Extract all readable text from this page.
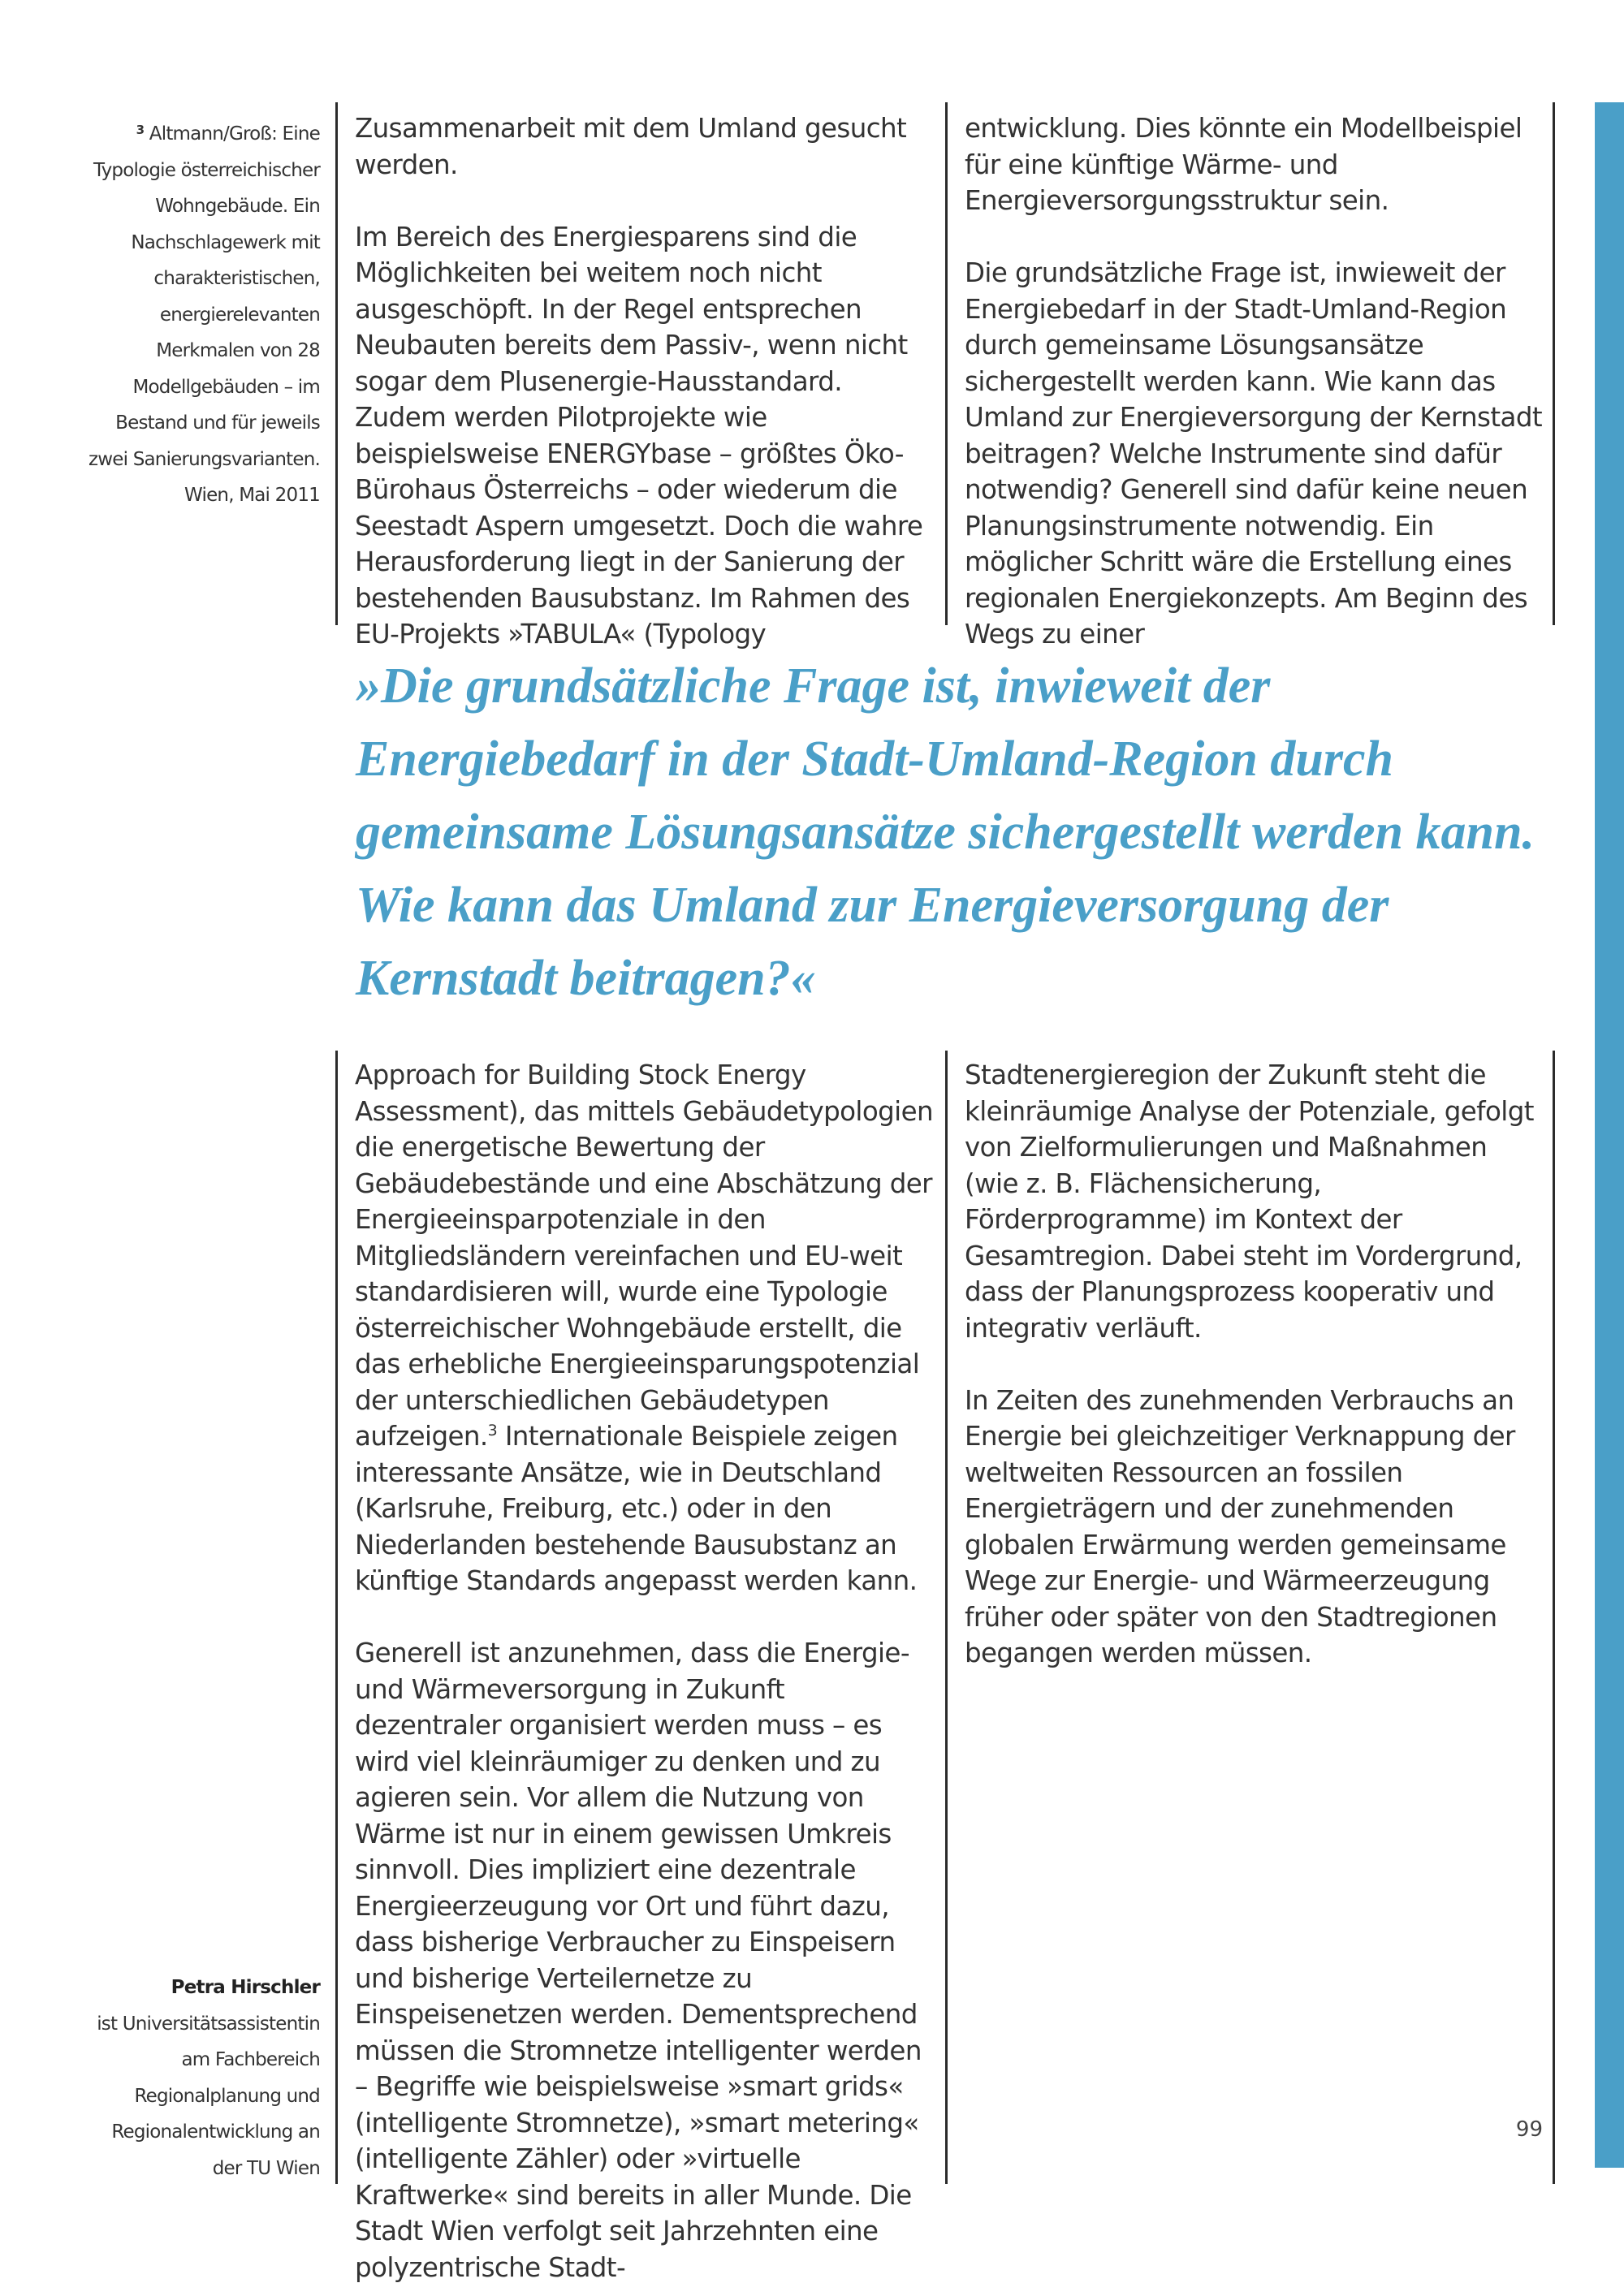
$^3$ Altmann/Groß: Eine Typologie österreichischer Wohngebäude. Ein Nachschlagewerk mit charakteristischen, energierelevanten Merkmalen von 28 Modellgebäuden – im Bestand und für jeweils zwei Sanierungsvarianten.

Wien, Mai 2011

Petra Hirschler

ist Universitätsassistentin am Fachbereich Regionalplanung und Regionalentwicklung an der TU Wien

Zusammenarbeit mit dem Umland gesucht werden.

Im Bereich des Energiesparens sind die Möglichkeiten bei weitem noch nicht ausgeschöpft. In der Regel entsprechen Neubauten bereits dem Passiv-, wenn nicht sogar dem Plusenergie-Hausstandard. Zudem werden Pilotprojekte wie beispielsweise ENERGYbase – größtes Öko-Bürohaus Österreichs – oder wiederum die Seestadt Aspern umgesetzt. Doch die wahre Herausforderung liegt in der Sanierung der bestehenden Bausubstanz. Im Rahmen des EU-Projekts »TABULA« (Typology

entwicklung. Dies könnte ein Modellbeispiel für eine künftige Wärme- und Energieversorgungsstruktur sein.

Die grundsätzliche Frage ist, inwieweit der Energiebedarf in der Stadt-Umland-Region durch gemeinsame Lösungsansätze sichergestellt werden kann. Wie kann das Umland zur Energieversorgung der Kernstadt beitragen? Welche Instrumente sind dafür notwendig? Generell sind dafür keine neuen Planungsinstrumente notwendig. Ein möglicher Schritt wäre die Erstellung eines regionalen Energiekonzepts. Am Beginn des Wegs zu einer

»Die grundsätzliche Frage ist, inwieweit der Energiebedarf in der Stadt-Umland-Region durch gemeinsame Lösungsansätze sichergestellt werden kann. Wie kann das Umland zur Energieversorgung der Kernstadt beitragen?«

Approach for Building Stock Energy Assessment), das mittels Gebäudetypologien die energetische Bewertung der Gebäudebestände und eine Abschätzung der Energieeinsparpotenziale in den Mitgliedsländern vereinfachen und EU-weit standardisieren will, wurde eine Typologie österreichischer Wohngebäude erstellt, die das erhebliche Energieeinsparungspotenzial der unterschiedlichen Gebäudetypen aufzeigen.$^3$ Internationale Beispiele zeigen interessante Ansätze, wie in Deutschland (Karlsruhe, Freiburg, etc.) oder in den Niederlanden bestehende Bausubstanz an künftige Standards angepasst werden kann.

Generell ist anzunehmen, dass die Energie- und Wärmeversorgung in Zukunft dezentraler organisiert werden muss – es wird viel kleinräumiger zu denken und zu agieren sein. Vor allem die Nutzung von Wärme ist nur in einem gewissen Umkreis sinnvoll. Dies impliziert eine dezentrale Energieerzeugung vor Ort und führt dazu, dass bisherige Verbraucher zu Einspeisern und bisherige Verteilernetze zu Einspeisenetzen werden. Dementsprechend müssen die Stromnetze intelligenter werden – Begriffe wie beispielsweise »smart grids« (intelligente Stromnetze), »smart metering« (intelligente Zähler) oder »virtuelle Kraftwerke« sind bereits in aller Munde. Die Stadt Wien verfolgt seit Jahrzehnten eine polyzentrische Stadt-

Stadtenergieregion der Zukunft steht die kleinräumige Analyse der Potenziale, gefolgt von Zielformulierungen und Maßnahmen (wie z. B. Flächensicherung, Förderprogramme) im Kontext der Gesamtregion. Dabei steht im Vordergrund, dass der Planungsprozess kooperativ und integrativ verläuft.

In Zeiten des zunehmenden Verbrauchs an Energie bei gleichzeitiger Verknappung der weltweiten Ressourcen an fossilen Energieträgern und der zunehmenden globalen Erwärmung werden gemeinsame Wege zur Energie- und Wärmeerzeugung früher oder später von den Stadtregionen begangen werden müssen.

99
